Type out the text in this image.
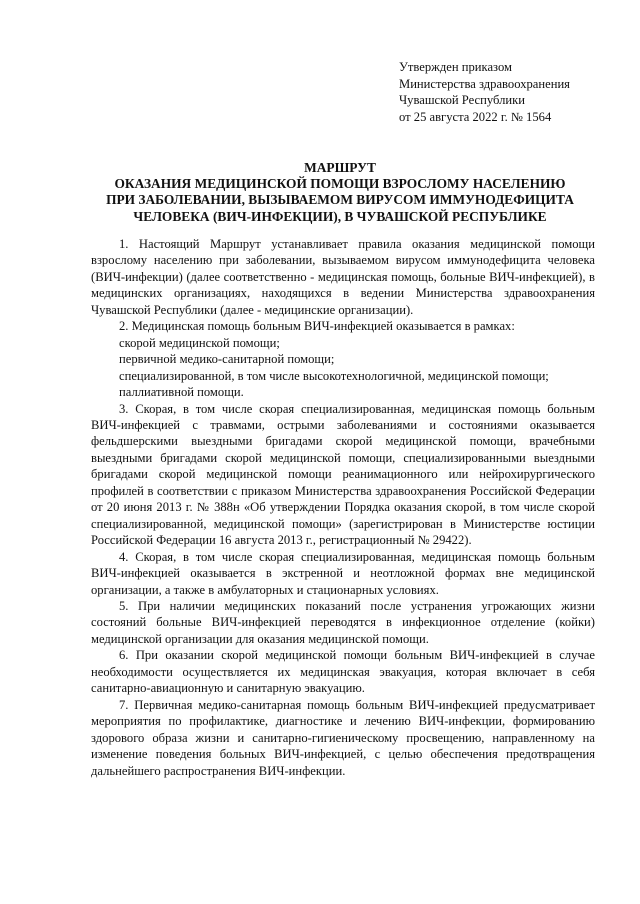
Утвержден приказом
Министерства здравоохранения
Чувашской Республики
от 25 августа 2022 г. № 1564
МАРШРУТ
ОКАЗАНИЯ МЕДИЦИНСКОЙ ПОМОЩИ ВЗРОСЛОМУ НАСЕЛЕНИЮ
ПРИ ЗАБОЛЕВАНИИ, ВЫЗЫВАЕМОМ ВИРУСОМ ИММУНОДЕФИЦИТА
ЧЕЛОВЕКА (ВИЧ-ИНФЕКЦИИ), В ЧУВАШСКОЙ РЕСПУБЛИКЕ

1. Настоящий Маршрут устанавливает правила оказания медицинской помощи взрослому населению при заболевании, вызываемом вирусом иммунодефицита человека (ВИЧ-инфекции) (далее соответственно - медицинская помощь, больные ВИЧ-инфекцией), в медицинских организациях, находящихся в ведении Министерства здравоохранения Чувашской Республики (далее - медицинские организации).

2. Медицинская помощь больным ВИЧ-инфекцией оказывается в рамках:

скорой медицинской помощи;

первичной медико-санитарной помощи;

специализированной, в том числе высокотехнологичной, медицинской помощи;

паллиативной помощи.

3. Скорая, в том числе скорая специализированная, медицинская помощь больным ВИЧ-инфекцией с травмами, острыми заболеваниями и состояниями оказывается фельдшерскими выездными бригадами скорой медицинской помощи, врачебными выездными бригадами скорой медицинской помощи, специализированными выездными бригадами скорой медицинской помощи реанимационного или нейрохирургического профилей в соответствии с приказом Министерства здравоохранения Российской Федерации от 20 июня 2013 г. № 388н «Об утверждении Порядка оказания скорой, в том числе скорой специализированной, медицинской помощи» (зарегистрирован в Министерстве юстиции Российской Федерации 16 августа 2013 г., регистрационный № 29422).

4. Скорая, в том числе скорая специализированная, медицинская помощь больным ВИЧ-инфекцией оказывается в экстренной и неотложной формах вне медицинской организации, а также в амбулаторных и стационарных условиях.

5. При наличии медицинских показаний после устранения угрожающих жизни состояний больные ВИЧ-инфекцией переводятся в инфекционное отделение (койки) медицинской организации для оказания медицинской помощи.

6. При оказании скорой медицинской помощи больным ВИЧ-инфекцией в случае необходимости осуществляется их медицинская эвакуация, которая включает в себя санитарно-авиационную и санитарную эвакуацию.

7. Первичная медико-санитарная помощь больным ВИЧ-инфекцией предусматривает мероприятия по профилактике, диагностике и лечению ВИЧ-инфекции, формированию здорового образа жизни и санитарно-гигиеническому просвещению, направленному на изменение поведения больных ВИЧ-инфекцией, с целью обеспечения предотвращения дальнейшего распространения ВИЧ-инфекции.
